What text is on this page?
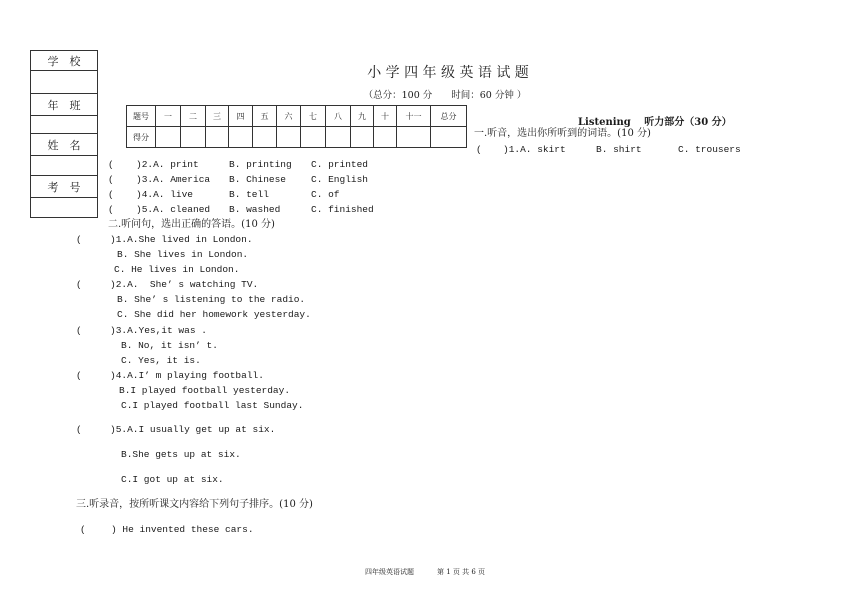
学　校
年　班
姓　名
考　号
小 学 四 年 级 英 语 试 题
（总分：100 分　　时间：60 分钟 ）
题号	一	二	三	四	五	六	七	八	九	十	十一	总分
得分												
Listening　 听力部分（30 分）
一.听音，选出你所听到的词语。(10 分)
( )1.A. skirt	B. shirt	C. trousers
( )2.A. print	B. printing C. printed
( )3.A. America B. Chinese	C. English
( )4.A. live	B. tell	C. of
( )5.A. cleaned B. washed	C. finished
二.听问句，选出正确的答语。(10 分)
(	)1.A.She lived in London.
B. She lives in London.
C. He lives in London.
(	)2.A.  She’ s watching TV.
B. She’ s listening to the radio.
C. She did her homework yesterday.
(	)3.A.Yes,it was .
B. No, it isn’ t.
C. Yes, it is.
(	)4.A.I’ m playing football.
B.I played football yesterday.
C.I played football last Sunday.
(	)5.A.I usually get up at six.
B.She gets up at six.
C.I got up at six.
三.听录音，按所听课文内容给下列句子排序。(10 分)
(	) He invented these cars.
四年级英语试题	第 1 页 共 6 页
